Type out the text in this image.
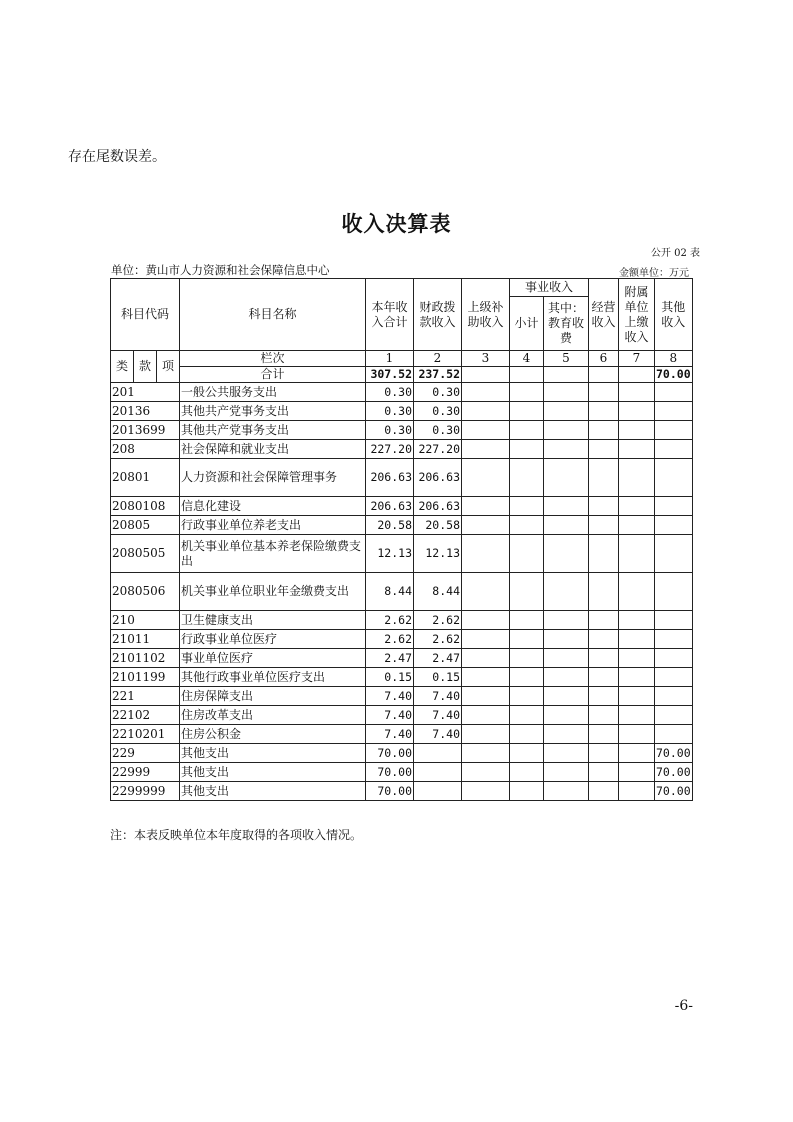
存在尾数误差。
收入决算表
公开 02 表
单位：黄山市人力资源和社会保障信息中心	金额单位：万元
科目代码			科目名称	本年收入合计	财政拨款收入	上级补助收入	事业收入		经营收入	附属单位上缴收入	其他收入
							小计	其中：教育收费			

类	款	项	栏次	1	2	3	4	5	6	7	8
			合计	307.52	237.52						70.00
201			一般公共服务支出	0.30	0.30						
20136			其他共产党事务支出	0.30	0.30						
2013699			其他共产党事务支出	0.30	0.30						
208			社会保障和就业支出	227.20	227.20						
20801			人力资源和社会保障管理事务	206.63	206.63						
2080108			信息化建设	206.63	206.63						
20805			行政事业单位养老支出	20.58	20.58						
2080505			机关事业单位基本养老保险缴费支出	12.13	12.13						
2080506			机关事业单位职业年金缴费支出	8.44	8.44						
210			卫生健康支出	2.62	2.62						
21011			行政事业单位医疗	2.62	2.62						
2101102			事业单位医疗	2.47	2.47						
2101199			其他行政事业单位医疗支出	0.15	0.15						
221			住房保障支出	7.40	7.40						
22102			住房改革支出	7.40	7.40						
2210201			住房公积金	7.40	7.40						
229			其他支出	70.00							70.00
22999			其他支出	70.00							70.00
2299999			其他支出	70.00							70.00
注：本表反映单位本年度取得的各项收入情况。
-6-
